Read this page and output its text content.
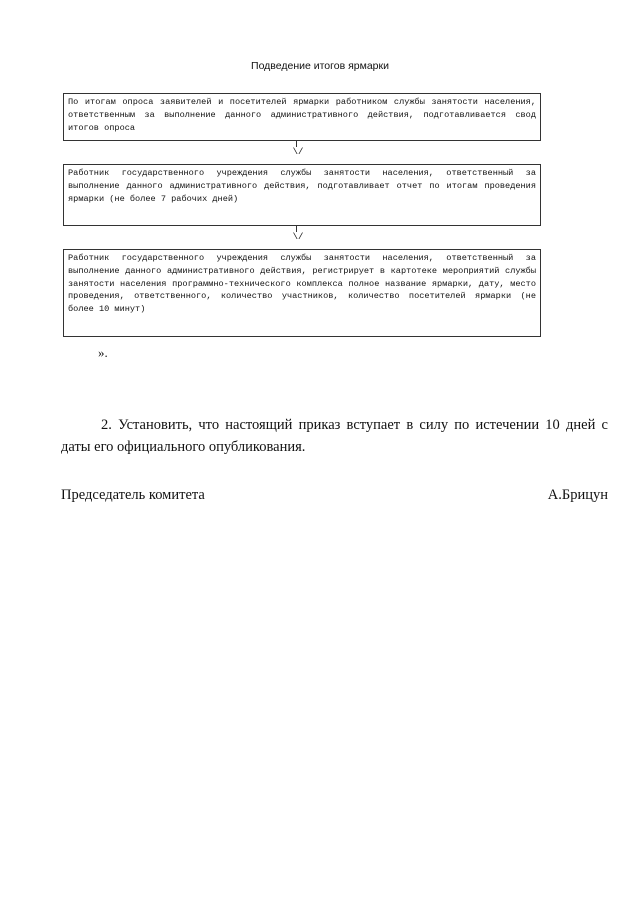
Подведение итогов ярмарки
По итогам опроса заявителей и посетителей ярмарки работником службы занятости населения, ответственным за выполнение данного административного действия, подготавливается свод итогов опроса
\/
Работник государственного учреждения службы занятости населения, ответственный за выполнение данного административного действия, подготавливает отчет по итогам проведения ярмарки (не более 7 рабочих дней)
\/
Работник государственного учреждения службы занятости населения, ответственный за выполнение данного административного действия, регистрирует в картотеке мероприятий службы занятости населения программно-технического комплекса полное название ярмарки, дату, место проведения, ответственного, количество участников, количество посетителей ярмарки (не более 10 минут)
».
2. Установить, что настоящий приказ вступает в силу по истечении 10 дней с даты его официального опубликования.
Председатель комитета	А.Брицун
